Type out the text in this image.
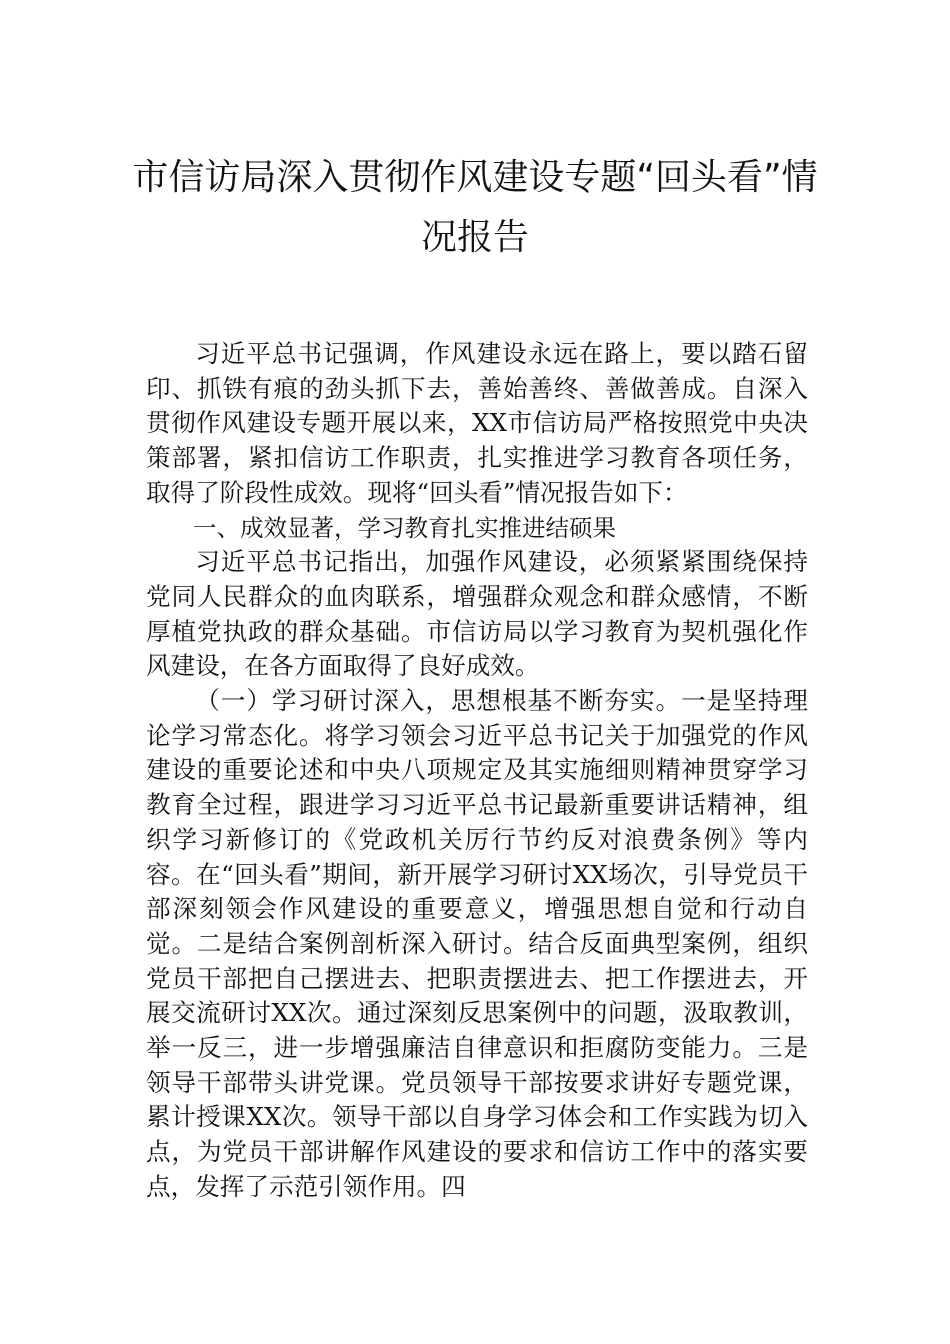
市信访局深入贯彻作风建设专题“回头看”情况报告

习近平总书记强调，作风建设永远在路上，要以踏石留印、抓铁有痕的劲头抓下去，善始善终、善做善成。自深入贯彻作风建设专题开展以来，XX市信访局严格按照党中央决策部署，紧扣信访工作职责，扎实推进学习教育各项任务，取得了阶段性成效。现将“回头看”情况报告如下：

一、成效显著，学习教育扎实推进结硕果

习近平总书记指出，加强作风建设，必须紧紧围绕保持党同人民群众的血肉联系，增强群众观念和群众感情，不断厚植党执政的群众基础。市信访局以学习教育为契机强化作风建设，在各方面取得了良好成效。

（一）学习研讨深入，思想根基不断夯实。一是坚持理论学习常态化。将学习领会习近平总书记关于加强党的作风建设的重要论述和中央八项规定及其实施细则精神贯穿学习教育全过程，跟进学习习近平总书记最新重要讲话精神，组织学习新修订的《党政机关厉行节约反对浪费条例》等内容。在“回头看”期间，新开展学习研讨XX场次，引导党员干部深刻领会作风建设的重要意义，增强思想自觉和行动自觉。二是结合案例剖析深入研讨。结合反面典型案例，组织党员干部把自己摆进去、把职责摆进去、把工作摆进去，开展交流研讨XX次。通过深刻反思案例中的问题，汲取教训，举一反三，进一步增强廉洁自律意识和拒腐防变能力。三是领导干部带头讲党课。党员领导干部按要求讲好专题党课，累计授课XX次。领导干部以自身学习体会和工作实践为切入点，为党员干部讲解作风建设的要求和信访工作中的落实要点，发挥了示范引领作用。四
